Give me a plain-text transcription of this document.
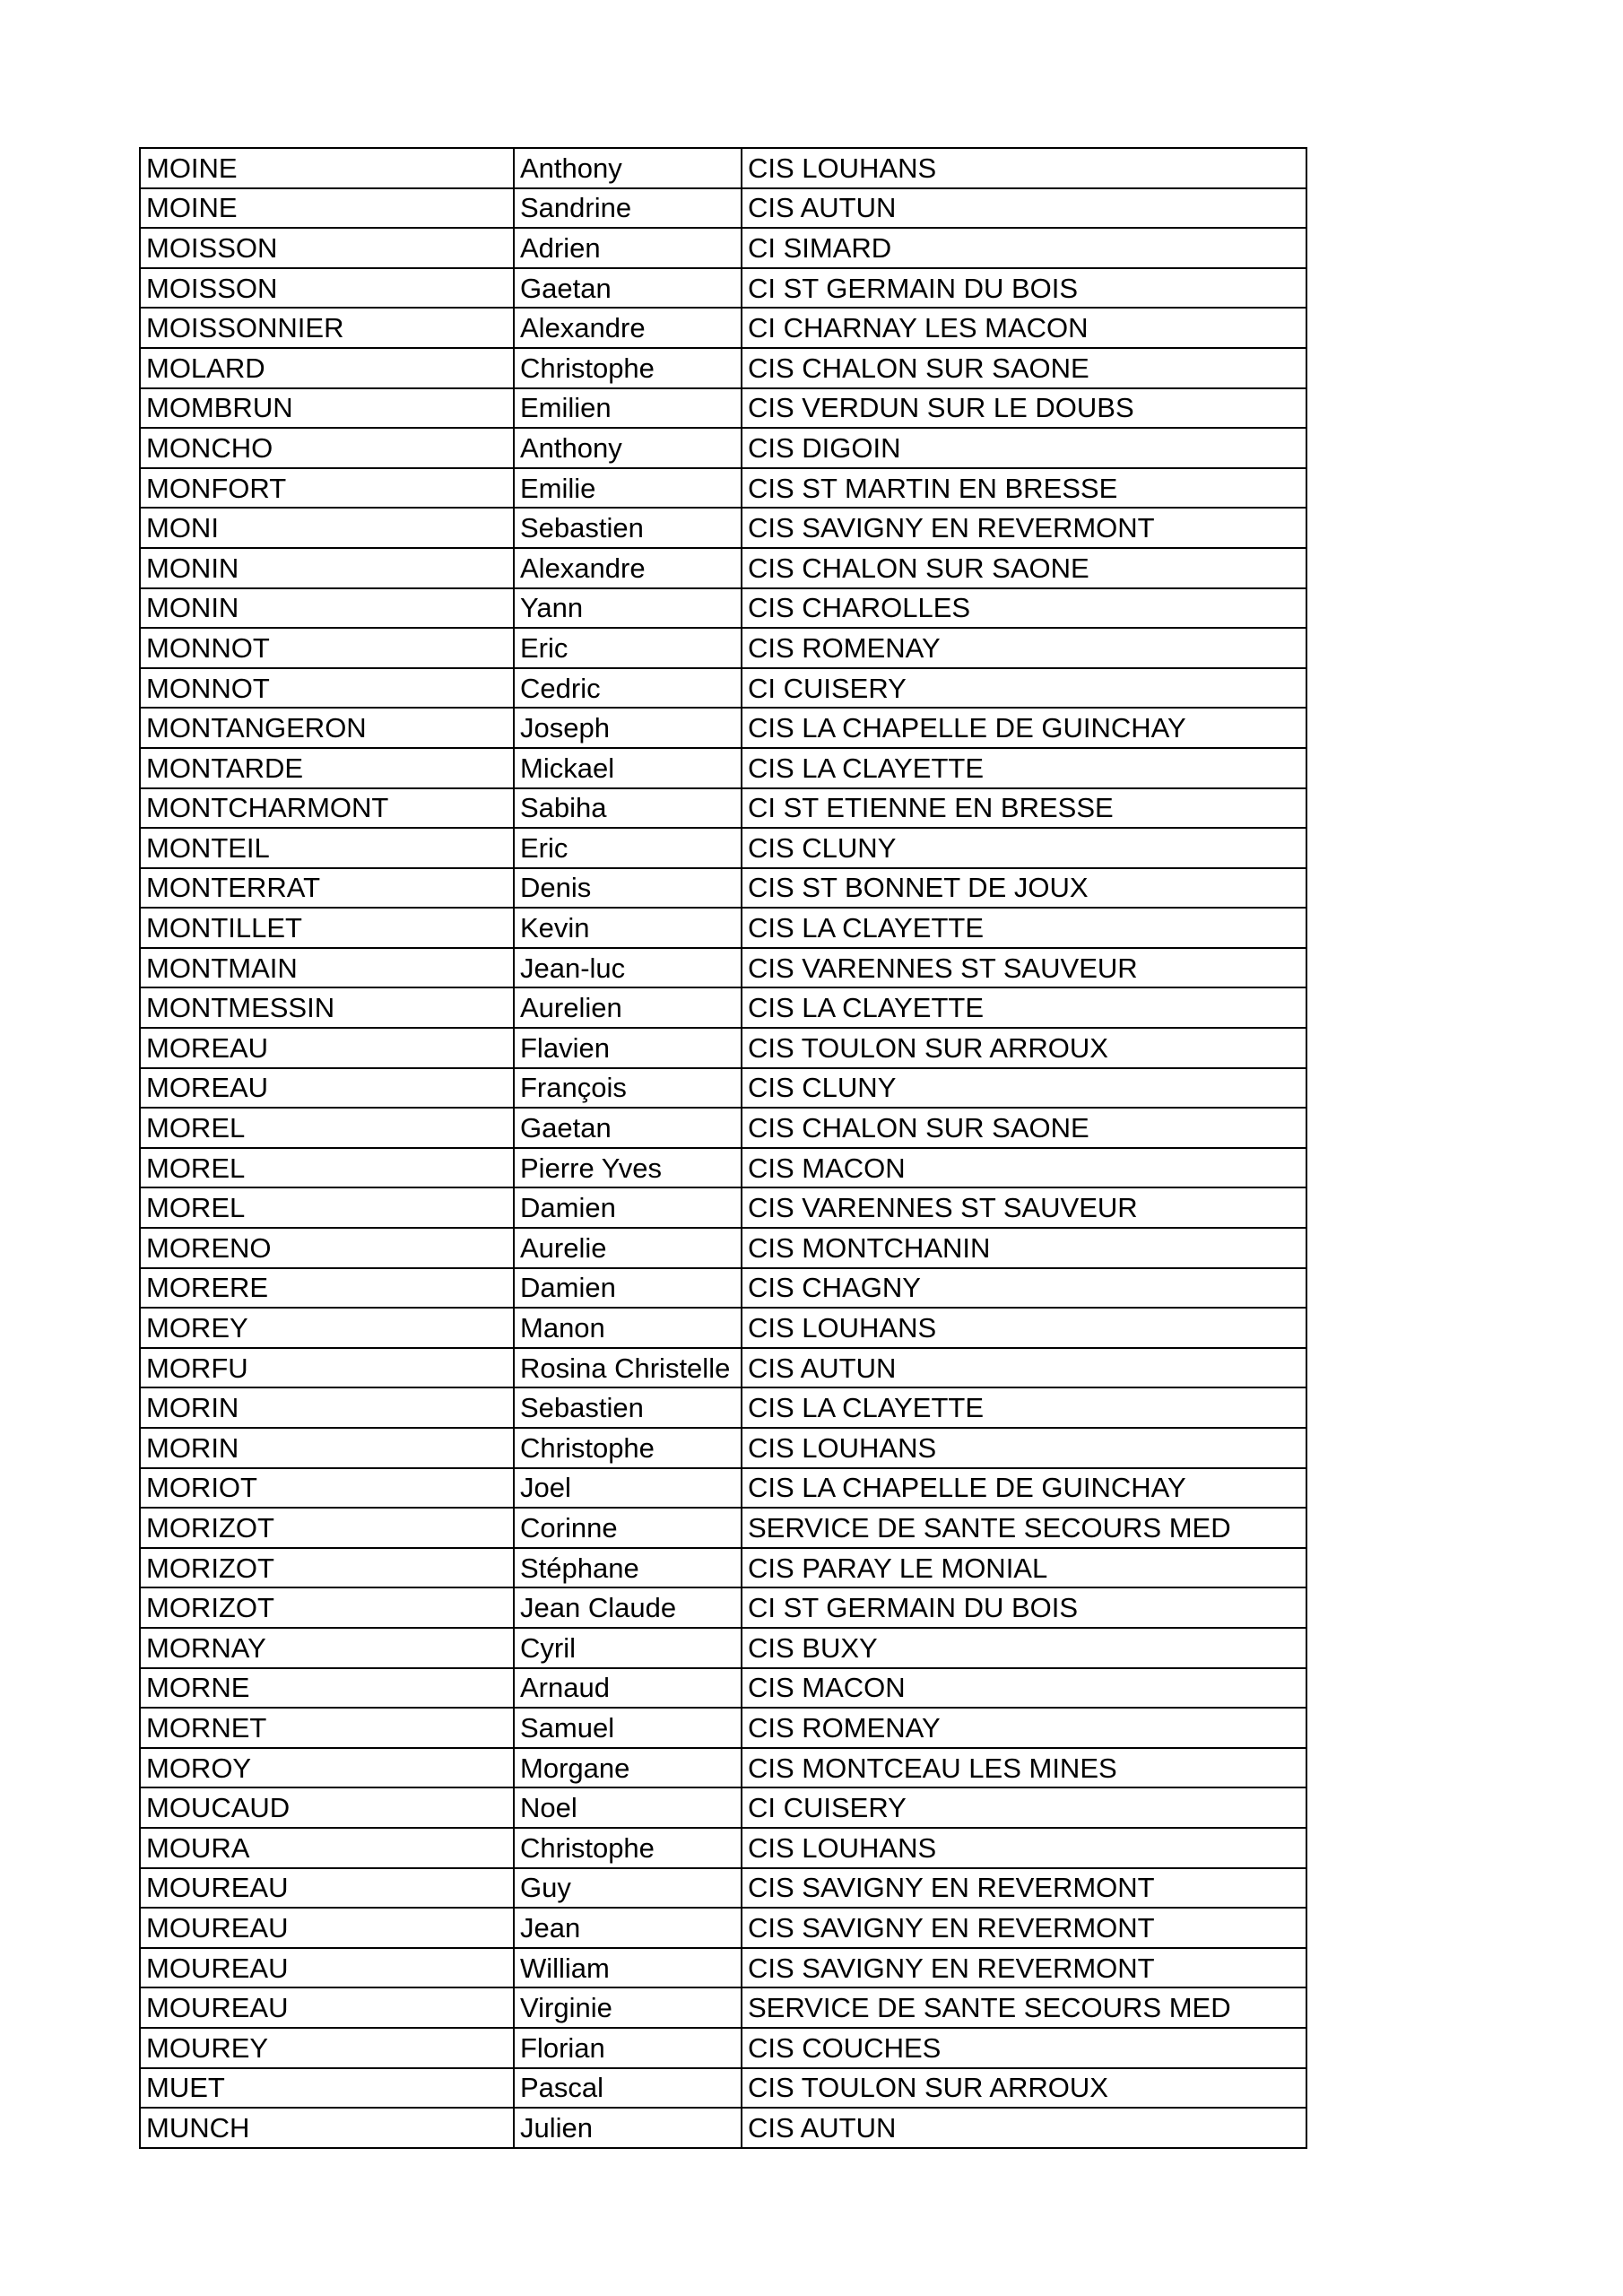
MOINE	Anthony	CIS LOUHANS
MOINE	Sandrine	CIS AUTUN
MOISSON	Adrien	CI SIMARD
MOISSON	Gaetan	CI ST GERMAIN DU BOIS
MOISSONNIER	Alexandre	CI CHARNAY LES MACON
MOLARD	Christophe	CIS CHALON SUR SAONE
MOMBRUN	Emilien	CIS VERDUN SUR LE DOUBS
MONCHO	Anthony	CIS DIGOIN
MONFORT	Emilie	CIS ST MARTIN EN BRESSE
MONI	Sebastien	CIS SAVIGNY EN REVERMONT
MONIN	Alexandre	CIS CHALON SUR SAONE
MONIN	Yann	CIS CHAROLLES
MONNOT	Eric	CIS ROMENAY
MONNOT	Cedric	CI CUISERY
MONTANGERON	Joseph	CIS LA CHAPELLE DE GUINCHAY
MONTARDE	Mickael	CIS LA CLAYETTE
MONTCHARMONT	Sabiha	CI ST ETIENNE EN BRESSE
MONTEIL	Eric	CIS CLUNY
MONTERRAT	Denis	CIS ST BONNET DE JOUX
MONTILLET	Kevin	CIS LA CLAYETTE
MONTMAIN	Jean-luc	CIS VARENNES ST SAUVEUR
MONTMESSIN	Aurelien	CIS LA CLAYETTE
MOREAU	Flavien	CIS TOULON SUR ARROUX
MOREAU	François	CIS CLUNY
MOREL	Gaetan	CIS CHALON SUR SAONE
MOREL	Pierre Yves	CIS MACON
MOREL	Damien	CIS VARENNES ST SAUVEUR
MORENO	Aurelie	CIS MONTCHANIN
MORERE	Damien	CIS CHAGNY
MOREY	Manon	CIS LOUHANS
MORFU	Rosina Christelle	CIS AUTUN
MORIN	Sebastien	CIS LA CLAYETTE
MORIN	Christophe	CIS LOUHANS
MORIOT	Joel	CIS LA CHAPELLE DE GUINCHAY
MORIZOT	Corinne	SERVICE DE SANTE SECOURS MED
MORIZOT	Stéphane	CIS PARAY LE MONIAL
MORIZOT	Jean Claude	CI ST GERMAIN DU BOIS
MORNAY	Cyril	CIS BUXY
MORNE	Arnaud	CIS MACON
MORNET	Samuel	CIS ROMENAY
MOROY	Morgane	CIS MONTCEAU LES MINES
MOUCAUD	Noel	CI CUISERY
MOURA	Christophe	CIS LOUHANS
MOUREAU	Guy	CIS SAVIGNY EN REVERMONT
MOUREAU	Jean	CIS SAVIGNY EN REVERMONT
MOUREAU	William	CIS SAVIGNY EN REVERMONT
MOUREAU	Virginie	SERVICE DE SANTE SECOURS MED
MOUREY	Florian	CIS COUCHES
MUET	Pascal	CIS TOULON SUR ARROUX
MUNCH	Julien	CIS AUTUN
